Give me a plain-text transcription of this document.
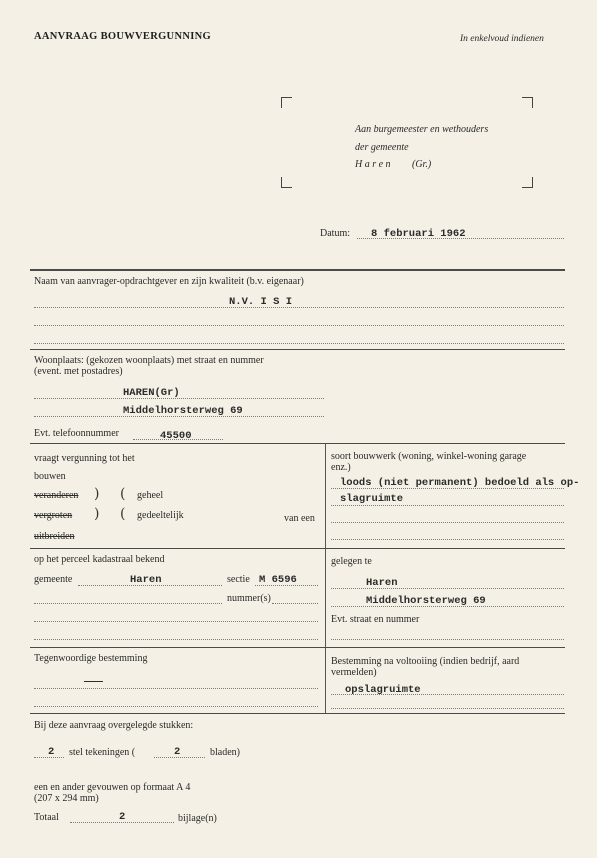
AANVRAAG BOUWVERGUNNING	In enkelvoud indienen
Aan burgemeester en wethouders
der gemeente
H a r e n (Gr.)
Datum: 8 februari 1962
Naam van aanvrager-opdrachtgever en zijn kwaliteit (b.v. eigenaar)
N.V. I S I
Woonplaats: (gekozen woonplaats) met straat en nummer
(event. met postadres)
HAREN(Gr)
Middelhorsterweg 69
Evt. telefoonnummer	45500
vraagt vergunning tot het
bouwen
veranderen ) ( geheel
vergroten ) ( gedeeltelijk	van een
uitbreiden
soort bouwwerk (woning, winkel-woning garage
enz.)
loods (niet permanent) bedoeld als op-
slagruimte
op het perceel kadastraal bekend
gemeente	Haren	sectie M 6596
nummer(s)
gelegen te
Haren
Middelhorsterweg 69
Evt. straat en nummer
Tegenwoordige bestemming
———
Bestemming na voltooiing (indien bedrijf, aard
vermelden)
opslagruimte
Bij deze aanvraag overgelegde stukken:
2 stel tekeningen (	2	bladen)
een en ander gevouwen op formaat A 4
(207 x 294 mm)
Totaal	2	bijlage(n)
